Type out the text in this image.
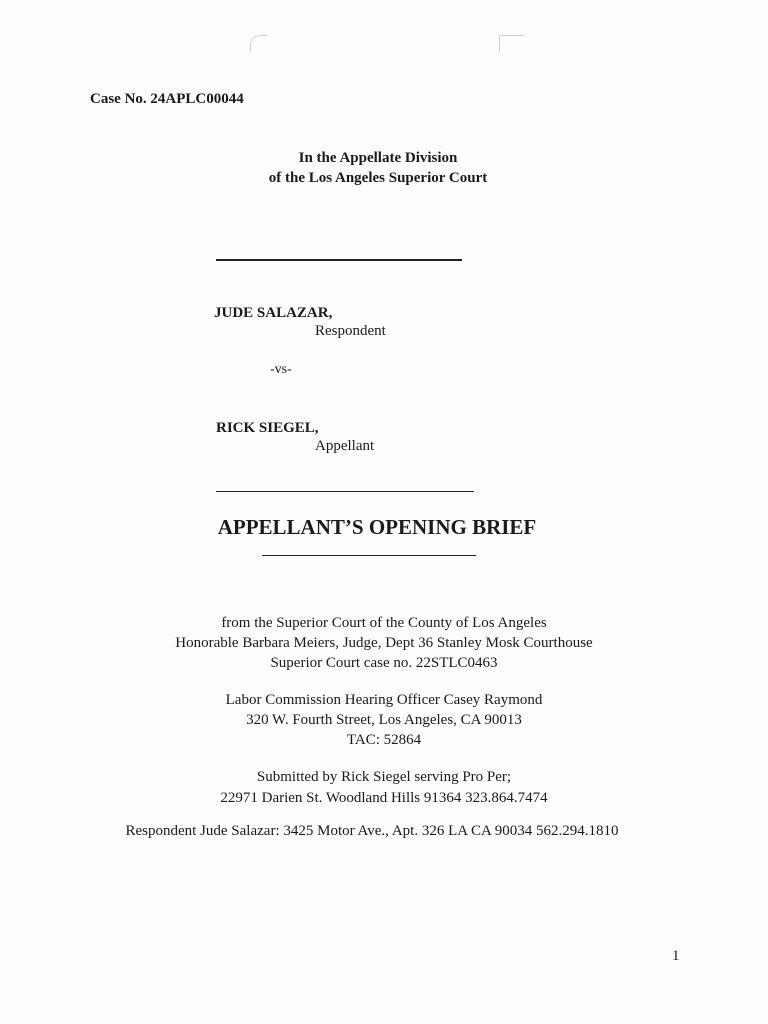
Case No. 24APLC00044
In the Appellate Division
of the Los Angeles Superior Court
JUDE SALAZAR,
Respondent
-vs-
RICK SIEGEL,
Appellant
APPELLANT’S OPENING BRIEF
from the Superior Court of the County of Los Angeles
Honorable Barbara Meiers, Judge, Dept 36 Stanley Mosk Courthouse
Superior Court case no. 22STLC0463
Labor Commission Hearing Officer Casey Raymond
320 W. Fourth Street, Los Angeles, CA 90013
TAC: 52864
Submitted by Rick Siegel serving Pro Per;
22971 Darien St. Woodland Hills 91364 323.864.7474
Respondent Jude Salazar: 3425 Motor Ave., Apt. 326 LA CA 90034 562.294.1810
1
